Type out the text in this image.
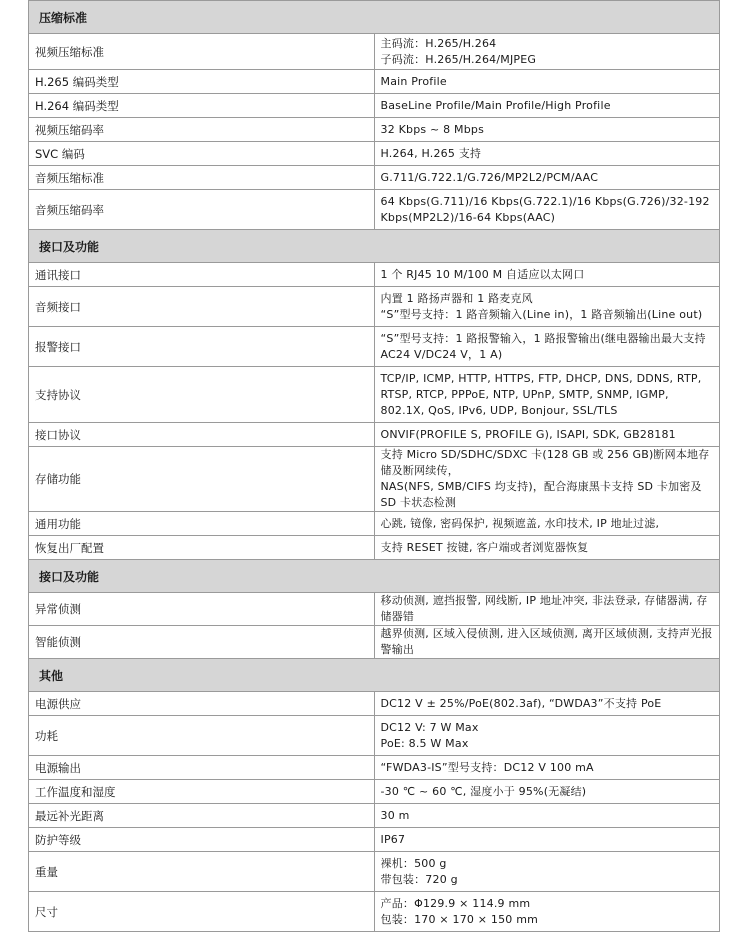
压缩标准	
视频压缩标准	主码流：H.265/H.264
子码流：H.265/H.264/MJPEG

H.265 编码类型	Main Profile

H.264 编码类型	BaseLine Profile/Main Profile/High Profile

视频压缩码率	32 Kbps ~ 8 Mbps

SVC 编码	H.264, H.265 支持

音频压缩标准	G.711/G.722.1/G.726/MP2L2/PCM/AAC

音频压缩码率	64 Kbps(G.711)/16 Kbps(G.722.1)/16 Kbps(G.726)/32-192 Kbps(MP2L2)/16-64 Kbps(AAC)

接口及功能	
通讯接口	1 个 RJ45 10 M/100 M 自适应以太网口

音频接口	内置 1 路扬声器和 1 路麦克风
“S”型号支持：1 路音频输入(Line in)，1 路音频输出(Line out)

报警接口	“S”型号支持：1 路报警输入，1 路报警输出(继电器输出最大支持 AC24 V/DC24 V，1 A)

支持协议	TCP/IP, ICMP, HTTP, HTTPS, FTP, DHCP, DNS, DDNS, RTP, RTSP, RTCP, PPPoE, NTP, UPnP, SMTP, SNMP, IGMP, 802.1X, QoS, IPv6, UDP, Bonjour, SSL/TLS

接口协议	ONVIF(PROFILE S, PROFILE G), ISAPI, SDK, GB28181

存储功能	支持 Micro SD/SDHC/SDXC 卡(128 GB 或 256 GB)断网本地存储及断网续传，
NAS(NFS, SMB/CIFS 均支持)，配合海康黑卡支持 SD 卡加密及 SD 卡状态检测

通用功能	心跳, 镜像, 密码保护, 视频遮盖, 水印技术, IP 地址过滤,

恢复出厂配置	支持 RESET 按键, 客户端或者浏览器恢复

接口及功能	
异常侦测	移动侦测, 遮挡报警, 网线断, IP 地址冲突, 非法登录, 存储器满, 存储器错

智能侦测	越界侦测, 区域入侵侦测, 进入区域侦测, 离开区域侦测, 支持声光报警输出

其他	
电源供应	DC12 V ± 25%/PoE(802.3af), “DWDA3”不支持 PoE

功耗	DC12 V: 7 W Max
PoE: 8.5 W Max

电源输出	“FWDA3-IS”型号支持：DC12 V 100 mA

工作温度和湿度	-30 ℃ ~ 60 ℃, 湿度小于 95%(无凝结)

最远补光距离	30 m

防护等级	IP67

重量	裸机：500 g
带包装：720 g

尺寸	产品：Φ129.9 × 114.9 mm
包装：170 × 170 × 150 mm
